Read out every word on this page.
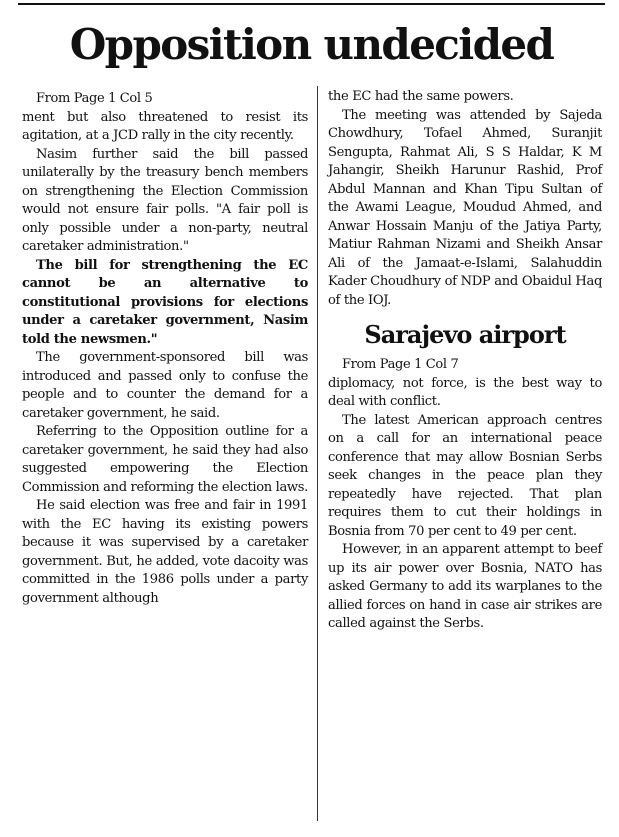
Opposition undecided

From Page 1 Col 5

ment but also threatened to resist its agitation, at a JCD rally in the city recently.

Nasim further said the bill passed unilaterally by the treasury bench members on strengthening the Election Commission would not ensure fair polls. "A fair poll is only possible under a non-party, neutral caretaker administration."

The bill for strengthening the EC cannot be an alternative to constitutional provisions for elections under a caretaker government, Nasim told the newsmen."

The government-sponsored bill was introduced and passed only to confuse the people and to counter the demand for a caretaker government, he said.

Referring to the Opposition outline for a caretaker government, he said they had also suggested empowering the Election Commission and reforming the election laws.

He said election was free and fair in 1991 with the EC having its existing powers because it was supervised by a caretaker government. But, he added, vote dacoity was committed in the 1986 polls under a party government although

the EC had the same powers.

The meeting was attended by Sajeda Chowdhury, Tofael Ahmed, Suranjit Sengupta, Rahmat Ali, S S Haldar, K M Jahangir, Sheikh Harunur Rashid, Prof Abdul Mannan and Khan Tipu Sultan of the Awami League, Moudud Ahmed, and Anwar Hossain Manju of the Jatiya Party, Matiur Rahman Nizami and Sheikh Ansar Ali of the Jamaat-e-Islami, Salahuddin Kader Choudhury of NDP and Obaidul Haq of the IOJ.

Sarajevo airport

From Page 1 Col 7

diplomacy, not force, is the best way to deal with conflict.

The latest American approach centres on a call for an international peace conference that may allow Bosnian Serbs seek changes in the peace plan they repeatedly have rejected. That plan requires them to cut their holdings in Bosnia from 70 per cent to 49 per cent.

However, in an apparent attempt to beef up its air power over Bosnia, NATO has asked Germany to add its warplanes to the allied forces on hand in case air strikes are called against the Serbs.
